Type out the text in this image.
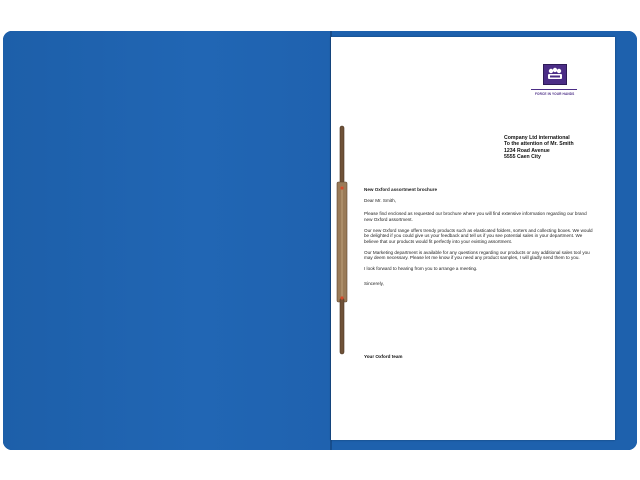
FORCE IN YOUR HANDS
Company Ltd international
To the attention of Mr. Smith
1234 Road Avenue
5555 Caen City

New Oxford assortment brochure

Dear Mr. Smith,

Please find enclosed as requested our brochure where you will find extensive information regarding our brand new Oxford assortment.

Our new Oxford range offers trendy products such as elasticated folders, sorters and collecting boxes. We would be delighted if you could give us your feedback and tell us if you see potential sales in your department. We believe that our products would fit perfectly into your existing assortment.

Our Marketing department is available for any questions regarding our products or any additional sales tool you may deem necessary. Please let me know if you need any product samples, I will gladly send them to you.

I look forward to hearing from you to arrange a meeting.

Sincerely,

Your Oxford team
